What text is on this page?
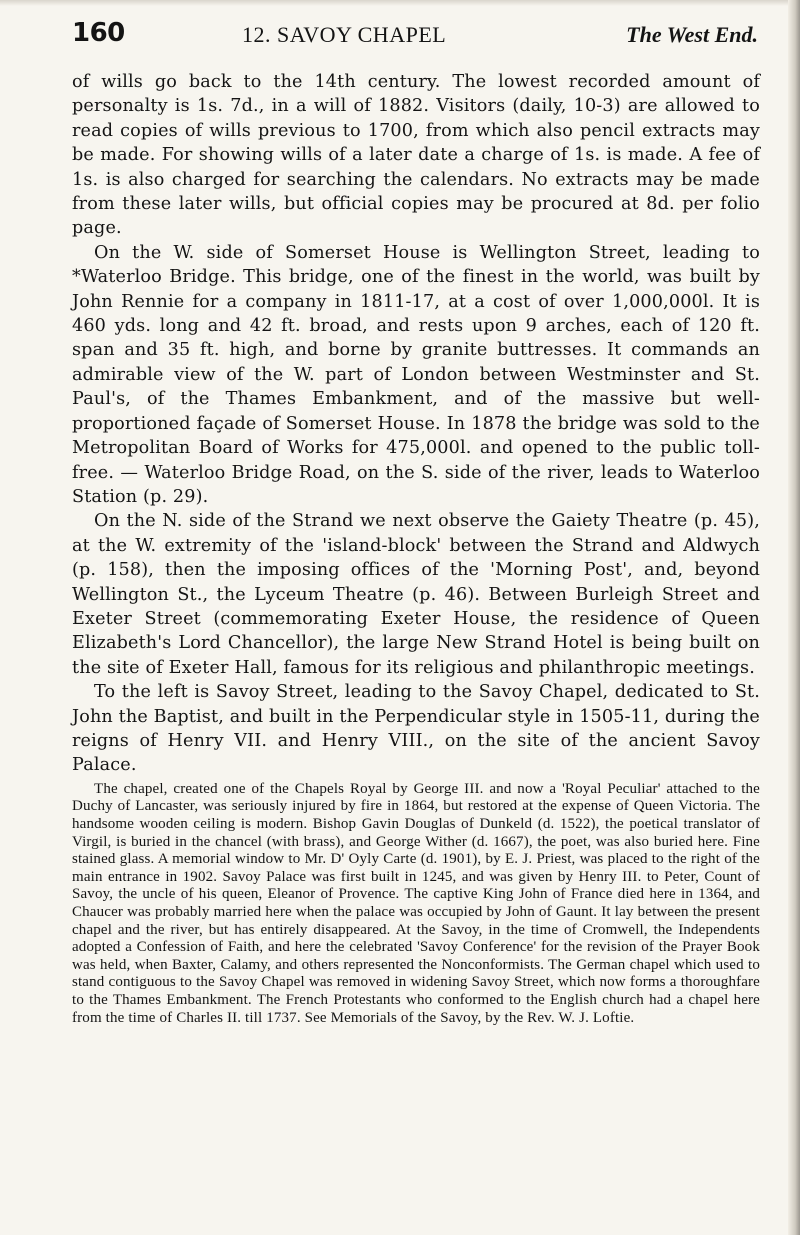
160	12. SAVOY CHAPEL	The West End.

of wills go back to the 14th century. The lowest recorded amount of personalty is 1s. 7d., in a will of 1882. Visitors (daily, 10-3) are allowed to read copies of wills previous to 1700, from which also pencil extracts may be made. For showing wills of a later date a charge of 1s. is made. A fee of 1s. is also charged for searching the calendars. No extracts may be made from these later wills, but official copies may be procured at 8d. per folio page.

On the W. side of Somerset House is Wellington Street, leading to *Waterloo Bridge. This bridge, one of the finest in the world, was built by John Rennie for a company in 1811-17, at a cost of over 1,000,000l. It is 460 yds. long and 42 ft. broad, and rests upon 9 arches, each of 120 ft. span and 35 ft. high, and borne by granite buttresses. It commands an admirable view of the W. part of London between Westminster and St. Paul's, of the Thames Embankment, and of the massive but well-proportioned façade of Somerset House. In 1878 the bridge was sold to the Metropolitan Board of Works for 475,000l. and opened to the public toll-free. — Waterloo Bridge Road, on the S. side of the river, leads to Waterloo Station (p. 29).

On the N. side of the Strand we next observe the Gaiety Theatre (p. 45), at the W. extremity of the 'island-block' between the Strand and Aldwych (p. 158), then the imposing offices of the 'Morning Post', and, beyond Wellington St., the Lyceum Theatre (p. 46). Between Burleigh Street and Exeter Street (commemorating Exeter House, the residence of Queen Elizabeth's Lord Chancellor), the large New Strand Hotel is being built on the site of Exeter Hall, famous for its religious and philanthropic meetings.

To the left is Savoy Street, leading to the Savoy Chapel, dedicated to St. John the Baptist, and built in the Perpendicular style in 1505-11, during the reigns of Henry VII. and Henry VIII., on the site of the ancient Savoy Palace.

The chapel, created one of the Chapels Royal by George III. and now a 'Royal Peculiar' attached to the Duchy of Lancaster, was seriously injured by fire in 1864, but restored at the expense of Queen Victoria. The handsome wooden ceiling is modern. Bishop Gavin Douglas of Dunkeld (d. 1522), the poetical translator of Virgil, is buried in the chancel (with brass), and George Wither (d. 1667), the poet, was also buried here. Fine stained glass. A memorial window to Mr. D' Oyly Carte (d. 1901), by E. J. Priest, was placed to the right of the main entrance in 1902. Savoy Palace was first built in 1245, and was given by Henry III. to Peter, Count of Savoy, the uncle of his queen, Eleanor of Provence. The captive King John of France died here in 1364, and Chaucer was probably married here when the palace was occupied by John of Gaunt. It lay between the present chapel and the river, but has entirely disappeared. At the Savoy, in the time of Cromwell, the Independents adopted a Confession of Faith, and here the celebrated 'Savoy Conference' for the revision of the Prayer Book was held, when Baxter, Calamy, and others represented the Nonconformists. The German chapel which used to stand contiguous to the Savoy Chapel was removed in widening Savoy Street, which now forms a thoroughfare to the Thames Embankment. The French Protestants who conformed to the English church had a chapel here from the time of Charles II. till 1737. See Memorials of the Savoy, by the Rev. W. J. Loftie.
